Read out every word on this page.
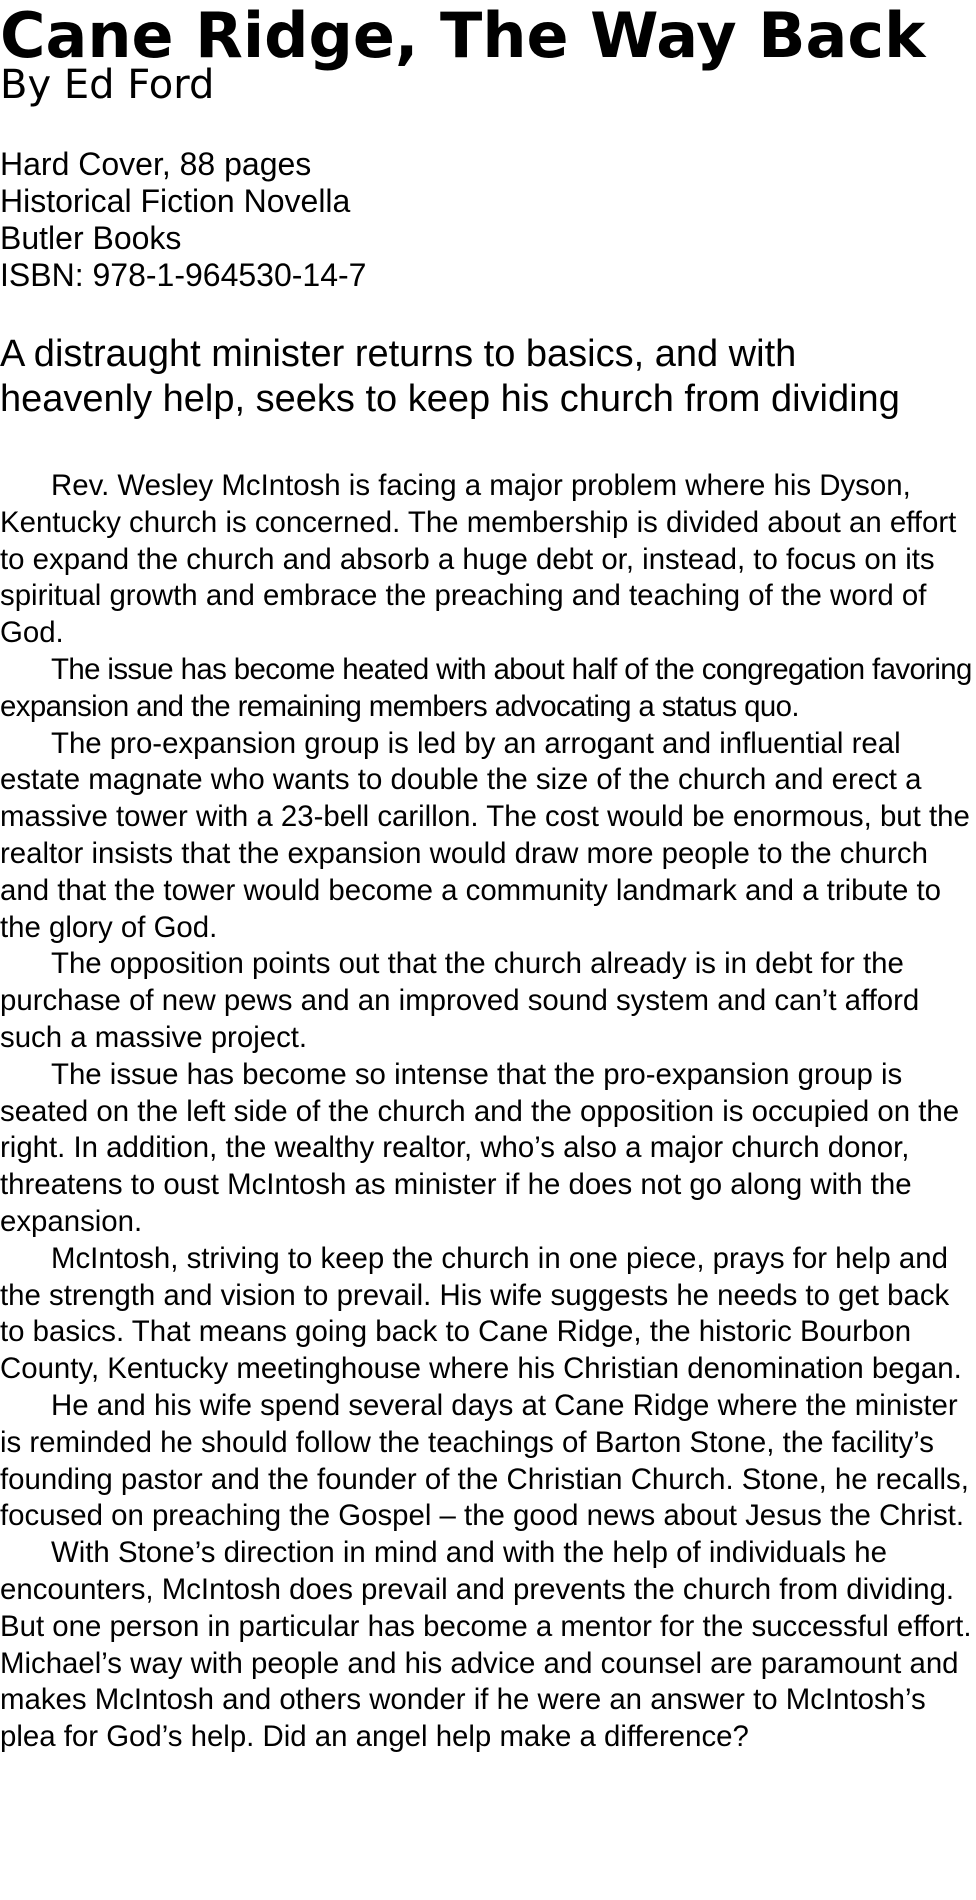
Cane Ridge, The Way Back
By Ed Ford
Hard Cover, 88 pages
Historical Fiction Novella
Butler Books
ISBN: 978-1-964530-14-7
A distraught minister returns to basics, and with
heavenly help, seeks to keep his church from dividing

Rev. Wesley McIntosh is facing a major problem where his Dyson, Kentucky church is concerned. The membership is divided about an effort to expand the church and absorb a huge debt or, instead, to focus on its spiritual growth and embrace the preaching and teaching of the word of God.

The issue has become heated with about half of the congregation favoring expansion and the remaining members advocating a status quo.

The pro-expansion group is led by an arrogant and influential real estate magnate who wants to double the size of the church and erect a massive tower with a 23-bell carillon. The cost would be enormous, but the realtor insists that the expansion would draw more people to the church and that the tower would become a community landmark and a tribute to the glory of God.

The opposition points out that the church already is in debt for the purchase of new pews and an improved sound system and can’t afford such a massive project.

The issue has become so intense that the pro-expansion group is seated on the left side of the church and the opposition is occupied on the right. In addition, the wealthy realtor, who’s also a major church donor, threatens to oust McIntosh as minister if he does not go along with the expansion.

McIntosh, striving to keep the church in one piece, prays for help and the strength and vision to prevail. His wife suggests he needs to get back to basics. That means going back to Cane Ridge, the historic Bourbon County, Kentucky meetinghouse where his Christian denomination began.

He and his wife spend several days at Cane Ridge where the minister is reminded he should follow the teachings of Barton Stone, the facility’s founding pastor and the founder of the Christian Church. Stone, he recalls, focused on preaching the Gospel – the good news about Jesus the Christ.

With Stone’s direction in mind and with the help of individuals he encounters, McIntosh does prevail and prevents the church from dividing. But one person in particular has become a mentor for the successful effort. Michael’s way with people and his advice and counsel are paramount and makes McIntosh and others wonder if he were an answer to McIntosh’s plea for God’s help. Did an angel help make a difference?
